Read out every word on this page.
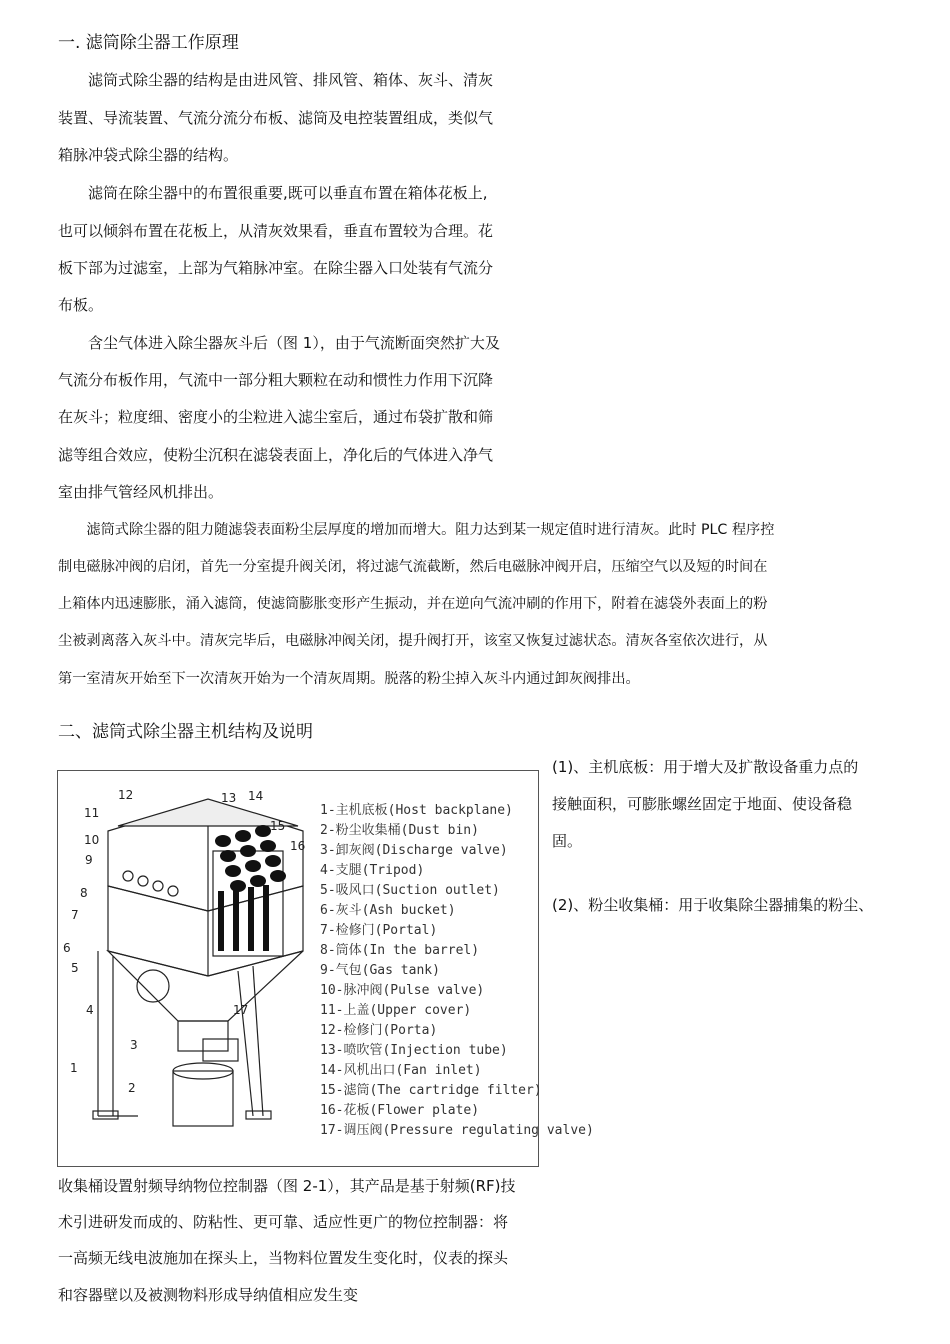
一. 滤筒除尘器工作原理
　　滤筒式除尘器的结构是由进风管、排风管、箱体、灰斗、清灰
装置、导流装置、气流分流分布板、滤筒及电控装置组成，类似气
箱脉冲袋式除尘器的结构。
　　滤筒在除尘器中的布置很重要,既可以垂直布置在箱体花板上,
也可以倾斜布置在花板上，从清灰效果看，垂直布置较为合理。花
板下部为过滤室，上部为气箱脉冲室。在除尘器入口处装有气流分
布板。
　　含尘气体进入除尘器灰斗后（图 1），由于气流断面突然扩大及
气流分布板作用，气流中一部分粗大颗粒在动和惯性力作用下沉降
在灰斗；粒度细、密度小的尘粒进入滤尘室后，通过布袋扩散和筛
滤等组合效应，使粉尘沉积在滤袋表面上，净化后的气体进入净气
室由排气管经风机排出。
　　滤筒式除尘器的阻力随滤袋表面粉尘层厚度的增加而增大。阻力达到某一规定值时进行清灰。此时 PLC 程序控
制电磁脉冲阀的启闭，首先一分室提升阀关闭，将过滤气流截断，然后电磁脉冲阀开启，压缩空气以及短的时间在
上箱体内迅速膨胀，涌入滤筒，使滤筒膨胀变形产生振动，并在逆向气流冲刷的作用下，附着在滤袋外表面上的粉
尘被剥离落入灰斗中。清灰完毕后，电磁脉冲阀关闭，提升阀打开，该室又恢复过滤状态。清灰各室依次进行，从
第一室清灰开始至下一次清灰开始为一个清灰周期。脱落的粉尘掉入灰斗内通过卸灰阀排出。
二、滤筒式除尘器主机结构及说明
(1)、主机底板：用于增大及扩散设备重力点的
接触面积，可膨胀螺丝固定于地面、使设备稳
固。
(2)、粉尘收集桶：用于收集除尘器捕集的粉尘、
1
2
3
4
5
6
7
8
9
10
11
12	13 14
15
16
17
1-主机底板(Host backplane)
2-粉尘收集桶(Dust bin)
3-卸灰阀(Discharge valve)
4-支腿(Tripod)
5-吸风口(Suction outlet)
6-灰斗(Ash bucket)
7-检修门(Portal)
8-筒体(In the barrel)
9-气包(Gas tank)
10-脉冲阀(Pulse valve)
11-上盖(Upper cover)
12-检修门(Porta)
13-喷吹管(Injection tube)
14-风机出口(Fan inlet)
15-滤筒(The cartridge filter)
16-花板(Flower plate)
17-调压阀(Pressure regulating valve)
收集桶设置射频导纳物位控制器（图 2-1），其产品是基于射频(RF)技
术引进研发而成的、防粘性、更可靠、适应性更广的物位控制器：将
一高频无线电波施加在探头上，当物料位置发生变化时，仪表的探头
和容器壁以及被测物料形成导纳值相应发生变
